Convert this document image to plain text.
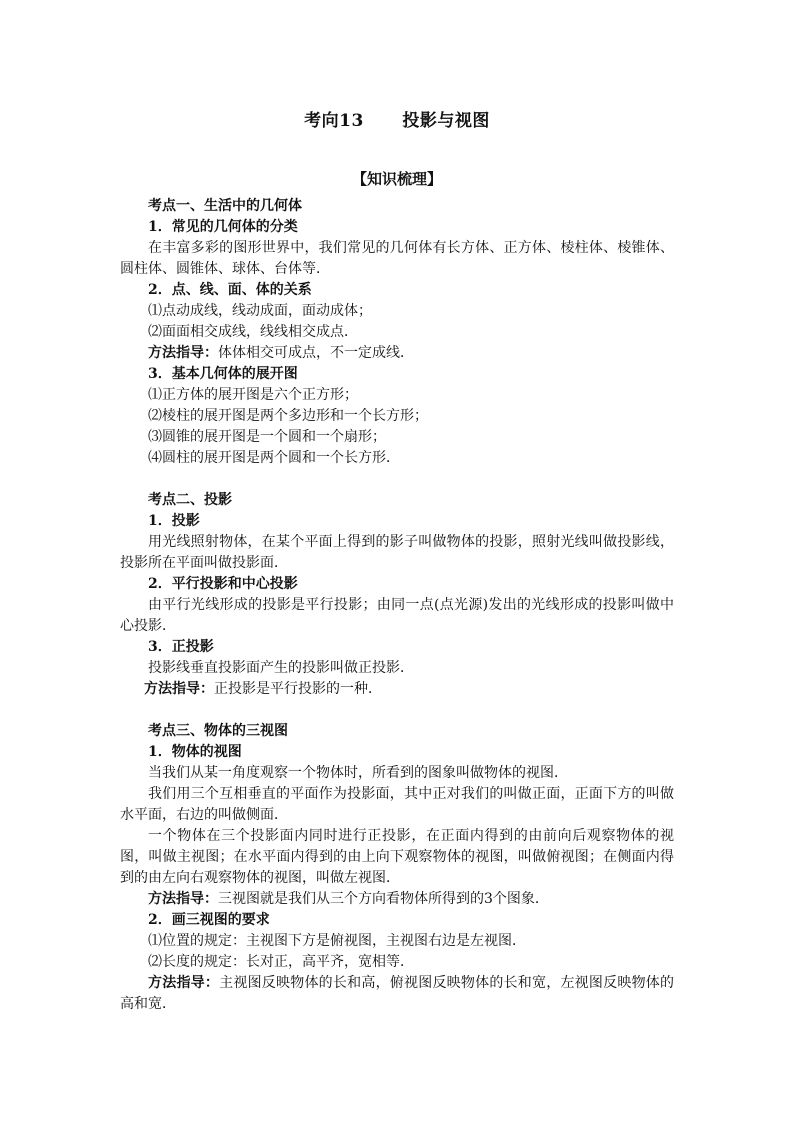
考向13      投影与视图
【知识梳理】

考点一、生活中的几何体

1．常见的几何体的分类

在丰富多彩的图形世界中，我们常见的几何体有长方体、正方体、棱柱体、棱锥体、圆柱体、圆锥体、球体、台体等．

2．点、线、面、体的关系

⑴点动成线，线动成面，面动成体；

⑵面面相交成线，线线相交成点．

方法指导：体体相交可成点，不一定成线．

3．基本几何体的展开图

⑴正方体的展开图是六个正方形；

⑵棱柱的展开图是两个多边形和一个长方形；

⑶圆锥的展开图是一个圆和一个扇形；

⑷圆柱的展开图是两个圆和一个长方形．

考点二、投影

1．投影

用光线照射物体，在某个平面上得到的影子叫做物体的投影，照射光线叫做投影线，投影所在平面叫做投影面．

2．平行投影和中心投影

由平行光线形成的投影是平行投影；由同一点(点光源)发出的光线形成的投影叫做中心投影．

3．正投影

投影线垂直投影面产生的投影叫做正投影．

方法指导：正投影是平行投影的一种．

考点三、物体的三视图

1．物体的视图

当我们从某一角度观察一个物体时，所看到的图象叫做物体的视图．

我们用三个互相垂直的平面作为投影面，其中正对我们的叫做正面，正面下方的叫做水平面，右边的叫做侧面．

一个物体在三个投影面内同时进行正投影，在正面内得到的由前向后观察物体的视图，叫做主视图；在水平面内得到的由上向下观察物体的视图，叫做俯视图；在侧面内得到的由左向右观察物体的视图，叫做左视图．

方法指导：三视图就是我们从三个方向看物体所得到的3个图象．

2．画三视图的要求

⑴位置的规定：主视图下方是俯视图，主视图右边是左视图．

⑵长度的规定：长对正，高平齐，宽相等．

方法指导：主视图反映物体的长和高，俯视图反映物体的长和宽，左视图反映物体的高和宽．
